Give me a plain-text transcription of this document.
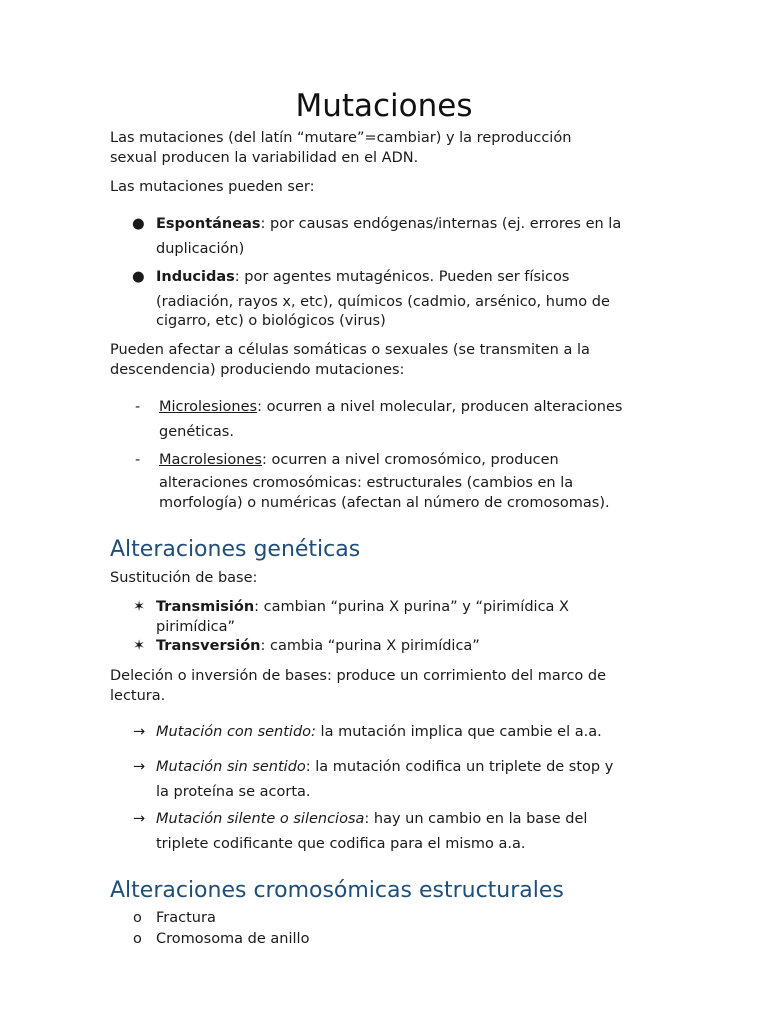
Mutaciones

Las mutaciones (del latín “mutare”=cambiar) y la reproducción

sexual producen la variabilidad en el ADN.

Las mutaciones pueden ser:

● Espontáneas: por causas endógenas/internas (ej. errores en la

duplicación)

● Inducidas: por agentes mutagénicos. Pueden ser físicos

(radiación, rayos x, etc), químicos (cadmio, arsénico, humo de

cigarro, etc) o biológicos (virus)

Pueden afectar a células somáticas o sexuales (se transmiten a la

descendencia) produciendo mutaciones:

- Microlesiones: ocurren a nivel molecular, producen alteraciones

genéticas.

- Macrolesiones: ocurren a nivel cromosómico, producen

alteraciones cromosómicas: estructurales (cambios en la

morfología) o numéricas (afectan al número de cromosomas).

Alteraciones genéticas

Sustitución de base:

✶ Transmisión: cambian “purina X purina” y “pirimídica X

pirimídica”

✶ Transversión: cambia “purina X pirimídica”

Deleción o inversión de bases: produce un corrimiento del marco de

lectura.

→ Mutación con sentido: la mutación implica que cambie el a.a.

→ Mutación sin sentido: la mutación codifica un triplete de stop y

la proteína se acorta.

→ Mutación silente o silenciosa: hay un cambio en la base del

triplete codificante que codifica para el mismo a.a.

Alteraciones cromosómicas estructurales
o Fractura

o Cromosoma de anillo
